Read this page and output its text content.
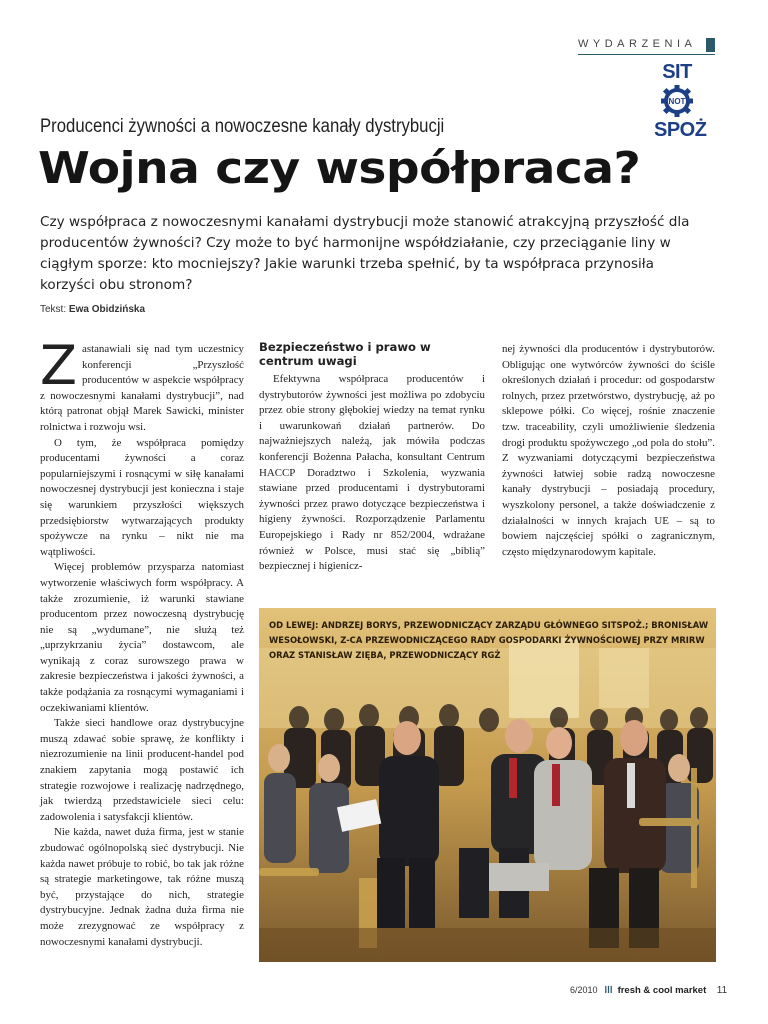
WYDARZENIA
SIT
NOT
SPOŻ
Producenci żywności a nowoczesne kanały dystrybucji
Wojna czy współpraca?
Czy współpraca z nowoczesnymi kanałami dystrybucji może stanowić atrakcyjną przyszłość dla producentów żywności? Czy może to być harmonijne współdziałanie, czy przeciąganie liny w ciągłym sporze: kto mocniejszy? Jakie warunki trzeba spełnić, by ta współpraca przynosiła korzyści obu stronom?
Tekst: Ewa Obidzińska

Zastanawiali się nad tym uczestnicy konferencji „Przyszłość producentów w aspekcie współpracy z nowoczesnymi kanałami dystrybucji”, nad którą patronat objął Marek Sawicki, minister rolnictwa i rozwoju wsi.

O tym, że współpraca pomiędzy producentami żywności a coraz popularniejszymi i rosnącymi w siłę kanałami nowoczesnej dystrybucji jest konieczna i staje się warunkiem przyszłości większych przedsiębiorstw wytwarzających produkty spożywcze na rynku – nikt nie ma wątpliwości.

Więcej problemów przysparza natomiast wytworzenie właściwych form współpracy. A także zrozumienie, iż warunki stawiane producentom przez nowoczesną dystrybucję nie są „wydumane”, nie służą też „uprzykrzaniu życia” dostawcom, ale wynikają z coraz surowszego prawa w zakresie bezpieczeństwa i jakości żywności, a także podążania za rosnącymi wymaganiami i oczekiwaniami klientów.

Także sieci handlowe oraz dystrybucyjne muszą zdawać sobie sprawę, że konflikty i niezrozumienie na linii producent-handel pod znakiem zapytania mogą postawić ich strategie rozwojowe i realizację nadrzędnego, jak twierdzą przedstawiciele sieci celu: zadowolenia i satysfakcji klientów.

Nie każda, nawet duża firma, jest w stanie zbudować ogólnopolską sieć dystrybucji. Nie każda nawet próbuje to robić, bo tak jak różne są strategie marketingowe, tak różne muszą być, przystające do nich, strategie dystrybucyjne. Jednak żadna duża firma nie może zrezygnować ze współpracy z nowoczesnymi kanałami dystrybucji.

Bezpieczeństwo i prawo w centrum uwagi

Efektywna współpraca producentów i dystrybutorów żywności jest możliwa po zdobyciu przez obie strony głębokiej wiedzy na temat rynku i uwarunkowań działań partnerów. Do najważniejszych należą, jak mówiła podczas konferencji Bożenna Pałacha, konsultant Centrum HACCP Doradztwo i Szkolenia, wyzwania stawiane przed producentami i dystrybutorami żywności przez prawo dotyczące bezpieczeństwa i higieny żywności. Rozporządzenie Parlamentu Europejskiego i Rady nr 852/2004, wdrażane również w Polsce, musi stać się „biblią” bezpiecznej i higienicz-

nej żywności dla producentów i dystrybutorów. Obligując one wytwórców żywności do ściśle określonych działań i procedur: od gospodarstw rolnych, przez przetwórstwo, dystrybucję, aż po sklepowe półki. Co więcej, rośnie znaczenie tzw. traceability, czyli umożliwienie śledzenia drogi produktu spożywczego „od pola do stołu”. Z wyzwaniami dotyczącymi bezpieczeństwa żywności łatwiej sobie radzą nowoczesne kanały dystrybucji – posiadają procedury, wyszkolony personel, a także doświadczenie z działalności w innych krajach UE – są to bowiem najczęściej spółki o zagranicznym, często międzynarodowym kapitale.

OD LEWEJ: ANDRZEJ BORYS, PRZEWODNICZĄCY ZARZĄDU GŁÓWNEGO SITSPOŻ.; BRONISŁAW WESOŁOWSKI, Z-CA PRZEWODNICZĄCEGO RADY GOSPODARKI ŻYWNOŚCIOWEJ PRZY MRIRW ORAZ STANISŁAW ZIĘBA, PRZEWODNICZĄCY RGŻ
6/2010 fresh & cool market 11
